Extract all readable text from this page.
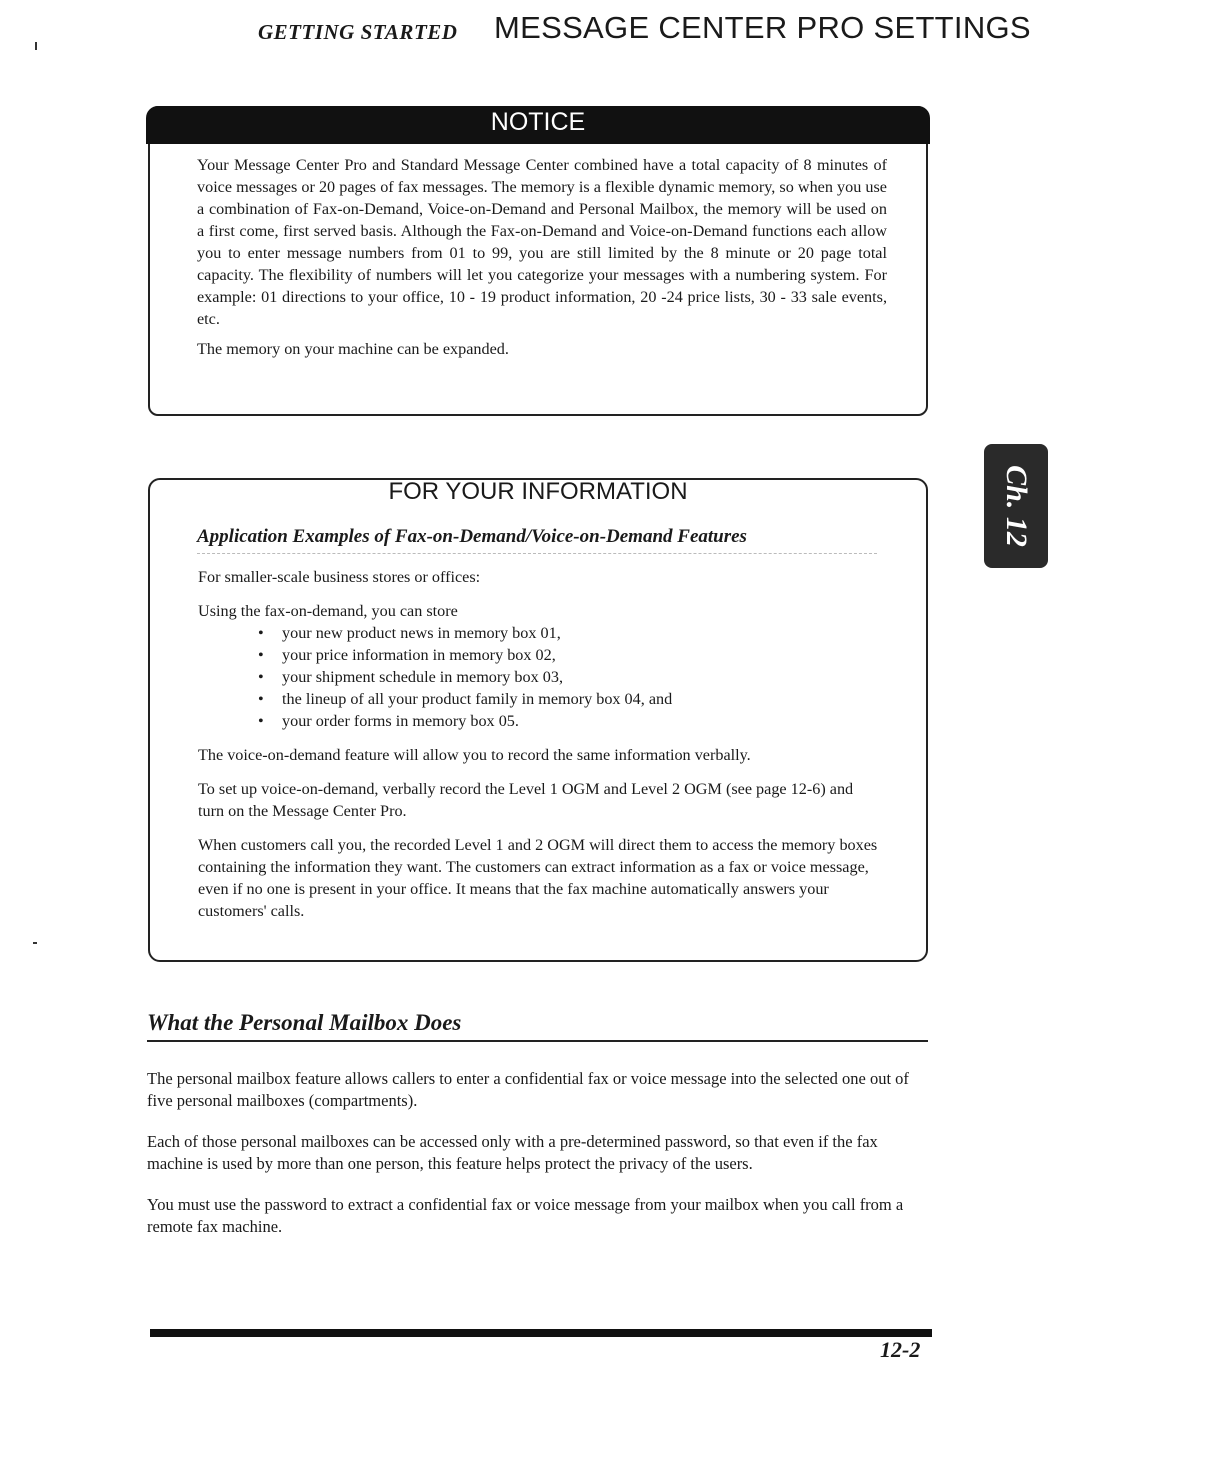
GETTING STARTED MESSAGE CENTER PRO SETTINGS
NOTICE

Your Message Center Pro and Standard Message Center combined have a total capacity of 8 minutes of voice messages or 20 pages of fax messages. The memory is a flexible dynamic memory, so when you use a combination of Fax-on-Demand, Voice-on-Demand and Personal Mailbox, the memory will be used on a first come, first served basis. Although the Fax-on-Demand and Voice-on-Demand functions each allow you to enter message numbers from 01 to 99, you are still limited by the 8 minute or 20 page total capacity. The flexibility of numbers will let you categorize your messages with a numbering system. For example: 01 directions to your office, 10 - 19 product information, 20 -24 price lists, 30 - 33 sale events, etc.

The memory on your machine can be expanded.

FOR YOUR INFORMATION
Application Examples of Fax-on-Demand/Voice-on-Demand Features

For smaller-scale business stores or offices:

Using the fax-on-demand, you can store

• your new product news in memory box 01,
• your price information in memory box 02,
• your shipment schedule in memory box 03,
• the lineup of all your product family in memory box 04, and
• your order forms in memory box 05.

The voice-on-demand feature will allow you to record the same information verbally.

To set up voice-on-demand, verbally record the Level 1 OGM and Level 2 OGM (see page 12-6) and turn on the Message Center Pro.

When customers call you, the recorded Level 1 and 2 OGM will direct them to access the memory boxes containing the information they want. The customers can extract information as a fax or voice message, even if no one is present in your office. It means that the fax machine automatically answers your customers' calls.

Ch. 12
What the Personal Mailbox Does

The personal mailbox feature allows callers to enter a confidential fax or voice message into the selected one out of five personal mailboxes (compartments).

Each of those personal mailboxes can be accessed only with a pre-determined password, so that even if the fax machine is used by more than one person, this feature helps protect the privacy of the users.

You must use the password to extract a confidential fax or voice message from your mailbox when you call from a remote fax machine.

12-2
